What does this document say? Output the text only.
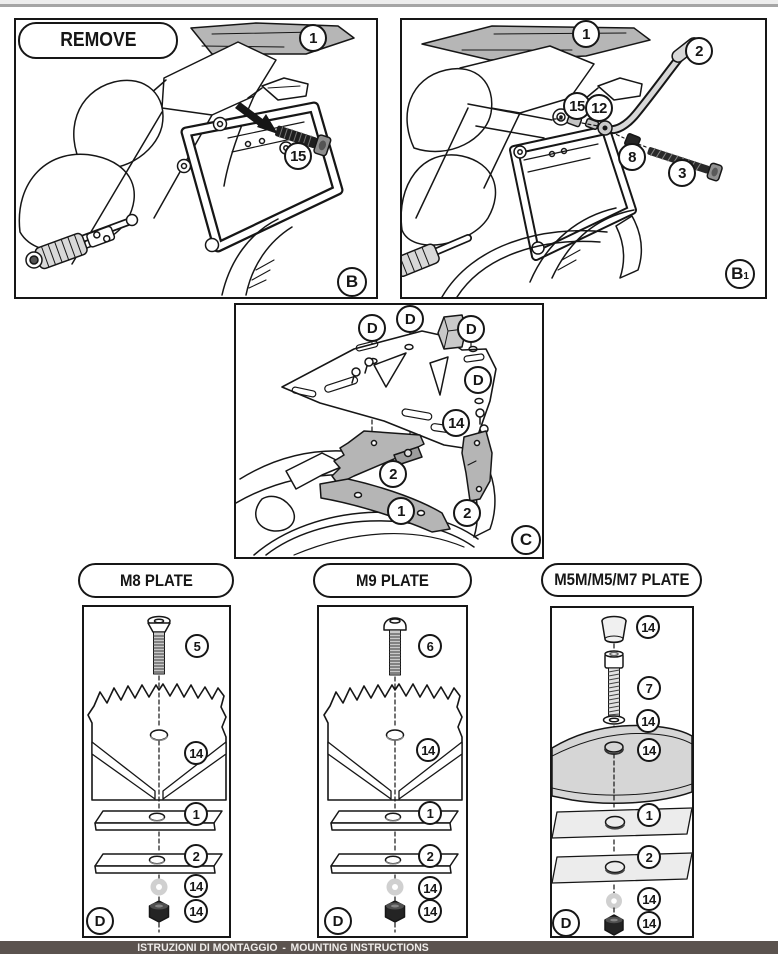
REMOVE	1
15
B
1
2
15 12
8
3
B 1
D
D
D
D
14
2
1	2
C
M8 PLATE
5
14
1
2
14
14
D
M9 PLATE
6
14
1
2
14
14
D
M5M/M5/M7 PLATE
14
7
14
14
1
2
14
14
D
ISTRUZIONI DI MONTAGGIO - MOUNTING INSTRUCTIONS
